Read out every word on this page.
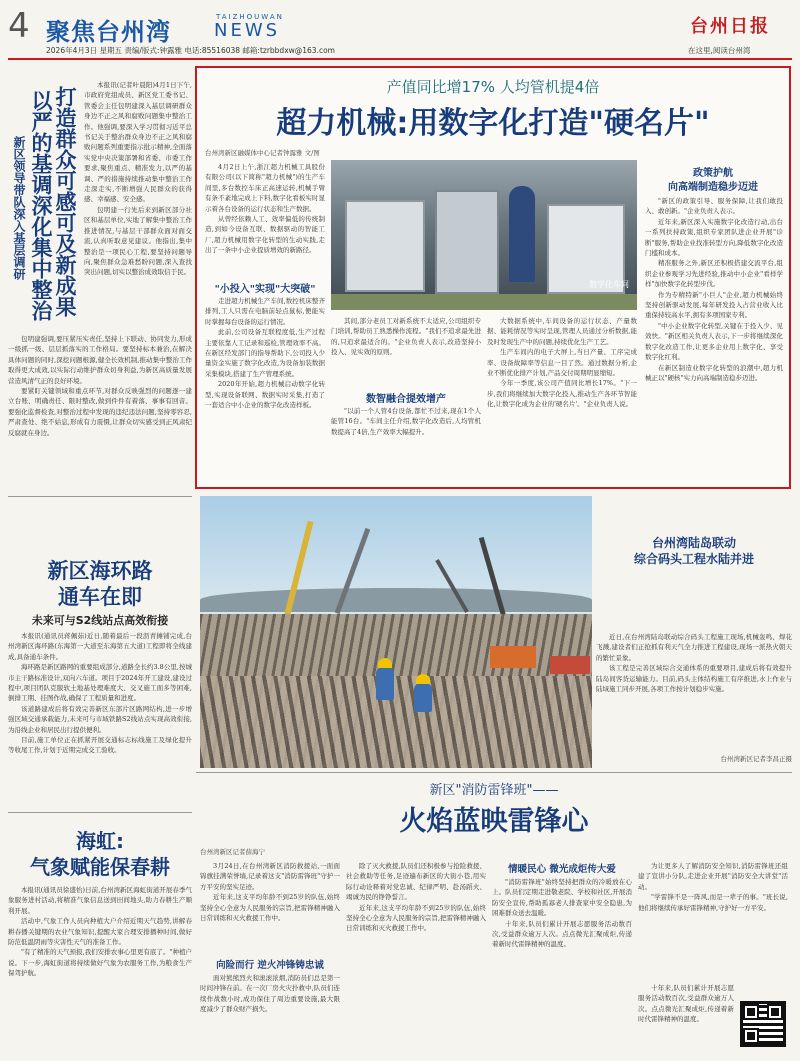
4 聚焦台州湾
TAIZHOUWAN
NEWS	台州日报
2026年4月3日 星期五 责编/版式:钟露雅 电话:85516038 邮箱:tzrbbdxw@163.com	在这里,阅读台州湾
打造群众可感可及新成果
以严的基调深化集中整治
新区领导带队深入基层调研

本报讯(记者叶晨阳)4月1日下午,市政府党组成员、新区党工委书记、管委会主任包明建深入基层调研群众身边不正之风和腐败问题集中整治工作。他强调,要深入学习贯彻习近平总书记关于整治群众身边不正之风和腐败问题系列重要指示批示精神,全面落实党中央决策部署和省委、市委工作要求,聚焦重点、精准发力,以严的基调、严的措施持续推动集中整治工作走深走实,不断增强人民群众的获得感、幸福感、安全感。

包明建一行先后来到新区部分社区和基层单位,实地了解集中整治工作推进情况,与基层干部群众面对面交流,认真听取意见建议。他指出,集中整治是一项民心工程,要坚持问题导向,聚焦群众急难愁盼问题,深入查找突出问题,切实以整治成效取信于民。

包明建强调,要压紧压实责任,坚持上下联动、协同发力,形成一级抓一级、层层抓落实的工作格局。要坚持标本兼治,在解决具体问题的同时,深挖问题根源,健全长效机制,推动集中整治工作取得更大成效,以实际行动维护群众切身利益,为新区高质量发展营造风清气正的良好环境。

要紧盯关键领域和重点环节,对群众反映强烈的问题逐一建立台账、明确责任、限时整改,做到件件有着落、事事有回音。要强化监督检查,对整治过程中发现的违纪违法问题,坚持零容忍,严肃查处、绝不姑息,形成有力震慑,让群众切实感受到正风肃纪反腐就在身边。

产值同比增17% 人均管机提4倍
超力机械:用数字化打造"硬名片"
台州湾新区融媒体中心记者钟露雅 文/图

4月2日上午,浙江超力机械工具股份有限公司(以下简称"超力机械")的生产车间里,多台数控车床正高速运转,机械手臂有条不紊地完成上下料,数字化看板实时显示着各台设备的运行状态和生产数据。

从曾经依赖人工、效率偏低的传统制造,到如今设备互联、数据驱动的智能工厂,超力机械用数字化转型的生动实践,走出了一条中小企业提质增效的新路径。

"小投入"实现"大突破"

走进超力机械生产车间,数控机床整齐排列,工人只需在电脑前轻点鼠标,便能实时掌握每台设备的运行情况。

此前,公司设备互联程度低,生产过程主要依靠人工记录和巡检,管理效率不高。在新区经发部门的指导帮助下,公司投入少量资金实施了数字化改造,为设备加装数据采集模块,搭建了生产管理系统。

2020年开始,超力机械启动数字化转型,实现设备联网、数据实时采集,打造了一套适合中小企业的数字化改造样板。

数字化车间

其间,部分老员工对新系统不太适应,公司组织专门培训,帮助员工熟悉操作流程。"我们不追求最先进的,只追求最适合的。"企业负责人表示,改造坚持小投入、见实效的原则。

数智融合提效增产

"以前一个人管4台设备,都忙不过来,现在1个人能管16台。"车间主任介绍,数字化改造后,人均管机数提高了4倍,生产效率大幅提升。

大数据系统中,车间设备的运行状态、产量数据、能耗情况等实时呈现,管理人员通过分析数据,能及时发现生产中的问题,持续优化生产工艺。

生产车间内的电子大屏上,当日产量、工序完成率、设备故障率等信息一目了然。通过数据分析,企业不断优化排产计划,产品交付周期明显缩短。

今年一季度,该公司产值同比增长17%。"下一步,我们将继续加大数字化投入,推动生产各环节智能化,让数字化成为企业的'硬名片'。"企业负责人说。

政策护航
向高端制造稳步迈进

"新区的政策引导、服务保障,让我们敢投入、敢创新。"企业负责人表示。

近年来,新区深入实施数字化改造行动,出台一系列扶持政策,组织专家团队进企业开展"诊断"服务,帮助企业找准转型方向,降低数字化改造门槛和成本。

精准服务之外,新区还积极搭建交流平台,组织企业参观学习先进经验,推动中小企业"看样学样"加快数字化转型步伐。

作为专精特新"小巨人"企业,超力机械始终坚持创新驱动发展,每年研发投入占营业收入比重保持较高水平,拥有多项国家专利。

"中小企业数字化转型,关键在于投入少、见效快。"新区相关负责人表示,下一步将继续深化数字化改造工作,让更多企业用上数字化、享受数字化红利。

在新区制造业数字化转型的浪潮中,超力机械正以"硬核"实力向高端制造稳步迈进。

新区海环路
通车在即
未来可与S2线站点高效衔接

本报讯(通讯员蒋佩茹)近日,随着最后一段沥青摊铺完成,台州湾新区海环路(东海第一大道至东海第五大道)工程即将全线建成,具备通车条件。

海环路是新区路网的重要组成部分,道路全长约3.8公里,按城市主干路标准设计,双向六车道。项目于2024年开工建设,建设过程中,项目团队克服软土地基处理难度大、交叉施工面多等困难,倒排工期、挂图作战,确保了工程质量和进度。

该道路建成后将有效完善新区东部片区路网结构,进一步增强区域交通承载能力,未来可与市域铁路S2线站点实现高效衔接,为沿线企业和居民出行提供便利。

目前,施工单位正在抓紧开展交通标志标线施工及绿化提升等收尾工作,计划于近期完成交工验收。

台州湾陆岛联动
综合码头工程水陆并进

近日,在台州湾陆岛联动综合码头工程施工现场,机械轰鸣、焊花飞溅,建设者们正抢抓有利天气全力推进工程建设,现场一派热火朝天的繁忙景象。

该工程是完善区域综合交通体系的重要项目,建成后将有效提升陆岛间客货运输能力。目前,码头主体结构施工有序推进,水上作业与陆域施工同步开展,各项工作按计划稳步实施。

台州湾新区记者李昌正摄
海虹:
气象赋能保春耕

本报讯(通讯员徐盛怡)日前,台州湾新区海虹街道开展春季气象服务进村活动,将精准气象信息送到田间地头,助力春耕生产顺利开展。

活动中,气象工作人员向种植大户介绍近期天气趋势,讲解春耕春播关键期的农业气象知识,提醒大家合理安排播种时间,做好防范低温阴雨等灾害性天气的准备工作。

"有了精准的天气预报,我们安排农事心里更有底了。"种植户说。下一步,海虹街道将持续做好气象为农服务工作,为粮食生产保驾护航。

新区"消防雷锋班"——
火焰蓝映雷锋心
台州湾新区记者薛海宁

3月24日,在台州湾新区消防救援站,一面面锦旗挂满荣誉墙,记录着这支"消防雷锋班"守护一方平安的坚实足迹。

近年来,这支平均年龄不到25岁的队伍,始终坚持全心全意为人民服务的宗旨,把雷锋精神融入日常训练和灭火救援工作中。

向险而行 逆火冲锋铸忠诚

面对熊熊烈火和滚滚浓烟,消防员们总是第一时间冲锋在前。在一次厂房火灾扑救中,队员们连续作战数小时,成功保住了周边重要设施,最大限度减少了群众财产损失。

除了灭火救援,队员们还积极参与抢险救援、社会救助等任务,足迹遍布新区的大街小巷,用实际行动诠释着对党忠诚、纪律严明、赴汤蹈火、竭诚为民的铮铮誓言。

近年来,这支平均年龄不到25岁的队伍,始终坚持全心全意为人民服务的宗旨,把雷锋精神融入日常训练和灭火救援工作中。

情暖民心 微光成炬传大爱

"消防雷锋班"始终坚持把群众的冷暖放在心上。队员们定期走进敬老院、学校和社区,开展消防安全宣传,帮助孤寡老人排查家中安全隐患,为困难群众送去温暖。

十年来,队员们累计开展志愿服务活动数百次,受益群众逾万人次。点点微光汇聚成炬,传递着新时代雷锋精神的温度。

为让更多人了解消防安全知识,消防雷锋班还组建了宣讲小分队,走进企业开展"消防安全大讲堂"活动。

"学雷锋不是一阵风,而是一辈子的事。"班长说,他们将继续传承好雷锋精神,守护好一方平安。

十年来,队员们累计开展志愿服务活动数百次,受益群众逾万人次。点点微光汇聚成炬,传递着新时代雷锋精神的温度。
